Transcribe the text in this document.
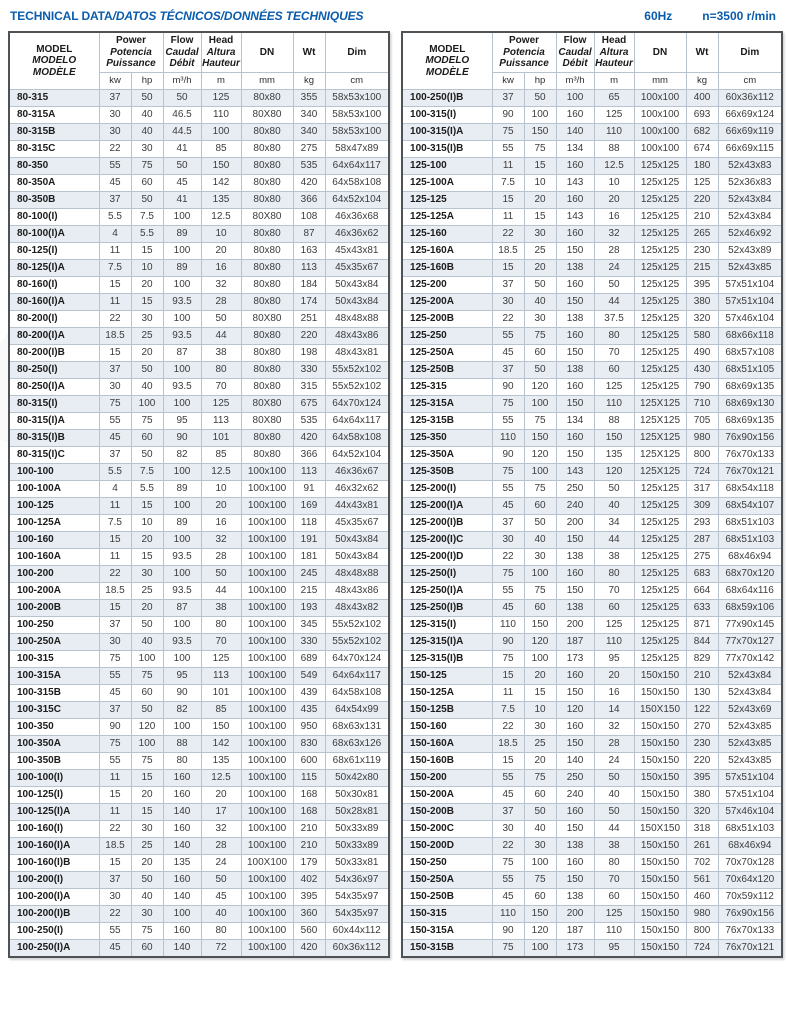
TECHNICAL DATA/DATOS TÉCNICOS/DONNÉES TECHNIQUES	60Hz	n=3500 r/min
MODEL
MODELO
MODÈLE

Power
Potencia
Puissance

Flow
Caudal
Débit

Head
Altura
Hauteur
	DN	Wt	Dim
	kw	hp	m³/h	m	mm	kg	cm
80-315	37	50	50	125	80x80	355	58x53x100
80-315A	30	40	46.5	110	80X80	340	58x53x100
80-315B	30	40	44.5	100	80x80	340	58x53x100
80-315C	22	30	41	85	80x80	275	58x47x89
80-350	55	75	50	150	80x80	535	64x64x117
80-350A	45	60	45	142	80x80	420	64x58x108
80-350B	37	50	41	135	80x80	366	64x52x104
80-100(I)	5.5	7.5	100	12.5	80X80	108	46x36x68
80-100(I)A	4	5.5	89	10	80x80	87	46x36x62
80-125(I)	11	15	100	20	80x80	163	45x43x81
80-125(I)A	7.5	10	89	16	80x80	113	45x35x67
80-160(I)	15	20	100	32	80x80	184	50x43x84
80-160(I)A	11	15	93.5	28	80x80	174	50x43x84
80-200(I)	22	30	100	50	80X80	251	48x48x88
80-200(I)A	18.5	25	93.5	44	80x80	220	48x43x86
80-200(I)B	15	20	87	38	80x80	198	48x43x81
80-250(I)	37	50	100	80	80x80	330	55x52x102
80-250(I)A	30	40	93.5	70	80x80	315	55x52x102
80-315(I)	75	100	100	125	80X80	675	64x70x124
80-315(I)A	55	75	95	113	80X80	535	64x64x117
80-315(I)B	45	60	90	101	80x80	420	64x58x108
80-315(I)C	37	50	82	85	80x80	366	64x52x104
100-100	5.5	7.5	100	12.5	100x100	113	46x36x67
100-100A	4	5.5	89	10	100x100	91	46x32x62
100-125	11	15	100	20	100x100	169	44x43x81
100-125A	7.5	10	89	16	100x100	118	45x35x67
100-160	15	20	100	32	100x100	191	50x43x84
100-160A	11	15	93.5	28	100x100	181	50x43x84
100-200	22	30	100	50	100x100	245	48x48x88
100-200A	18.5	25	93.5	44	100x100	215	48x43x86
100-200B	15	20	87	38	100x100	193	48x43x82
100-250	37	50	100	80	100x100	345	55x52x102
100-250A	30	40	93.5	70	100x100	330	55x52x102
100-315	75	100	100	125	100x100	689	64x70x124
100-315A	55	75	95	113	100x100	549	64x64x117
100-315B	45	60	90	101	100x100	439	64x58x108
100-315C	37	50	82	85	100x100	435	64x54x99
100-350	90	120	100	150	100x100	950	68x63x131
100-350A	75	100	88	142	100x100	830	68x63x126
100-350B	55	75	80	135	100x100	600	68x61x119
100-100(I)	11	15	160	12.5	100x100	115	50x42x80
100-125(I)	15	20	160	20	100x100	168	50x30x81
100-125(I)A	11	15	140	17	100x100	168	50x28x81
100-160(I)	22	30	160	32	100x100	210	50x33x89
100-160(I)A	18.5	25	140	28	100x100	210	50x33x89
100-160(I)B	15	20	135	24	100X100	179	50x33x81
100-200(I)	37	50	160	50	100x100	402	54x36x97
100-200(I)A	30	40	140	45	100x100	395	54x35x97
100-200(I)B	22	30	100	40	100x100	360	54x35x97
100-250(I)	55	75	160	80	100x100	560	60x44x112
100-250(I)A	45	60	140	72	100x100	420	60x36x112
MODEL
MODELO
MODÈLE

Power
Potencia
Puissance

Flow
Caudal
Débit

Head
Altura
Hauteur
	DN	Wt	Dim
	kw	hp	m³/h	m	mm	kg	cm
100-250(I)B	37	50	100	65	100x100	400	60x36x112
100-315(I)	90	100	160	125	100x100	693	66x69x124
100-315(I)A	75	150	140	110	100x100	682	66x69x119
100-315(I)B	55	75	134	88	100x100	674	66x69x115
125-100	11	15	160	12.5	125x125	180	52x43x83
125-100A	7.5	10	143	10	125x125	125	52x36x83
125-125	15	20	160	20	125x125	220	52x43x84
125-125A	11	15	143	16	125x125	210	52x43x84
125-160	22	30	160	32	125x125	265	52x46x92
125-160A	18.5	25	150	28	125x125	230	52x43x89
125-160B	15	20	138	24	125x125	215	52x43x85
125-200	37	50	160	50	125x125	395	57x51x104
125-200A	30	40	150	44	125x125	380	57x51x104
125-200B	22	30	138	37.5	125x125	320	57x46x104
125-250	55	75	160	80	125x125	580	68x66x118
125-250A	45	60	150	70	125x125	490	68x57x108
125-250B	37	50	138	60	125x125	430	68x51x105
125-315	90	120	160	125	125x125	790	68x69x135
125-315A	75	100	150	110	125X125	710	68x69x130
125-315B	55	75	134	88	125X125	705	68x69x135
125-350	110	150	160	150	125X125	980	76x90x156
125-350A	90	120	150	135	125X125	800	76x70x133
125-350B	75	100	143	120	125X125	724	76x70x121
125-200(I)	55	75	250	50	125x125	317	68x54x118
125-200(I)A	45	60	240	40	125x125	309	68x54x107
125-200(I)B	37	50	200	34	125x125	293	68x51x103
125-200(I)C	30	40	150	44	125x125	287	68x51x103
125-200(I)D	22	30	138	38	125x125	275	68x46x94
125-250(I)	75	100	160	80	125x125	683	68x70x120
125-250(I)A	55	75	150	70	125x125	664	68x64x116
125-250(I)B	45	60	138	60	125x125	633	68x59x106
125-315(I)	110	150	200	125	125x125	871	77x90x145
125-315(I)A	90	120	187	110	125x125	844	77x70x127
125-315(I)B	75	100	173	95	125x125	829	77x70x142
150-125	15	20	160	20	150x150	210	52x43x84
150-125A	11	15	150	16	150x150	130	52x43x84
150-125B	7.5	10	120	14	150X150	122	52x43x69
150-160	22	30	160	32	150x150	270	52x43x85
150-160A	18.5	25	150	28	150x150	230	52x43x85
150-160B	15	20	140	24	150x150	220	52x43x85
150-200	55	75	250	50	150x150	395	57x51x104
150-200A	45	60	240	40	150x150	380	57x51x104
150-200B	37	50	160	50	150x150	320	57x46x104
150-200C	30	40	150	44	150X150	318	68x51x103
150-200D	22	30	138	38	150x150	261	68x46x94
150-250	75	100	160	80	150x150	702	70x70x128
150-250A	55	75	150	70	150x150	561	70x64x120
150-250B	45	60	138	60	150x150	460	70x59x112
150-315	110	150	200	125	150x150	980	76x90x156
150-315A	90	120	187	110	150x150	800	76x70x133
150-315B	75	100	173	95	150x150	724	76x70x121
